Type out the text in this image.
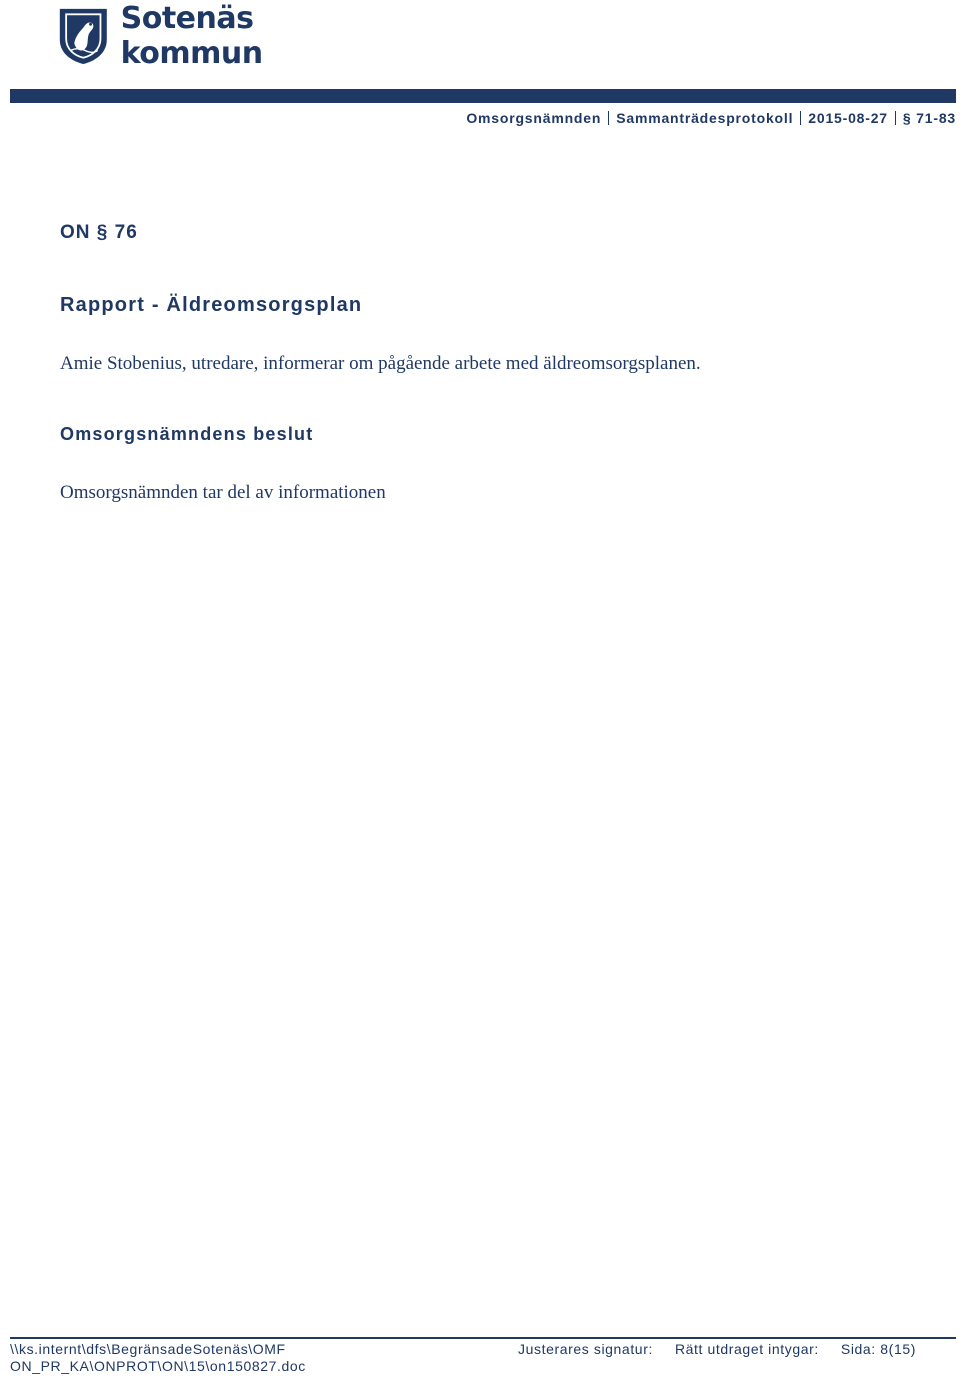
Sotenäs kommun
Omsorgsnämnden Sammanträdesprotokoll 2015-08-27 § 71-83
ON § 76
Rapport - Äldreomsorgsplan
Amie Stobenius, utredare, informerar om pågående arbete med äldreomsorgsplanen.
Omsorgsnämndens beslut
Omsorgsnämnden tar del av informationen
\\ks.internt\dfs\BegränsadeSotenäs\OMF
ON_PR_KA\ONPROT\ON\15\on150827.doc
Justerares signatur: Rätt utdraget intygar: Sida: 8(15)
